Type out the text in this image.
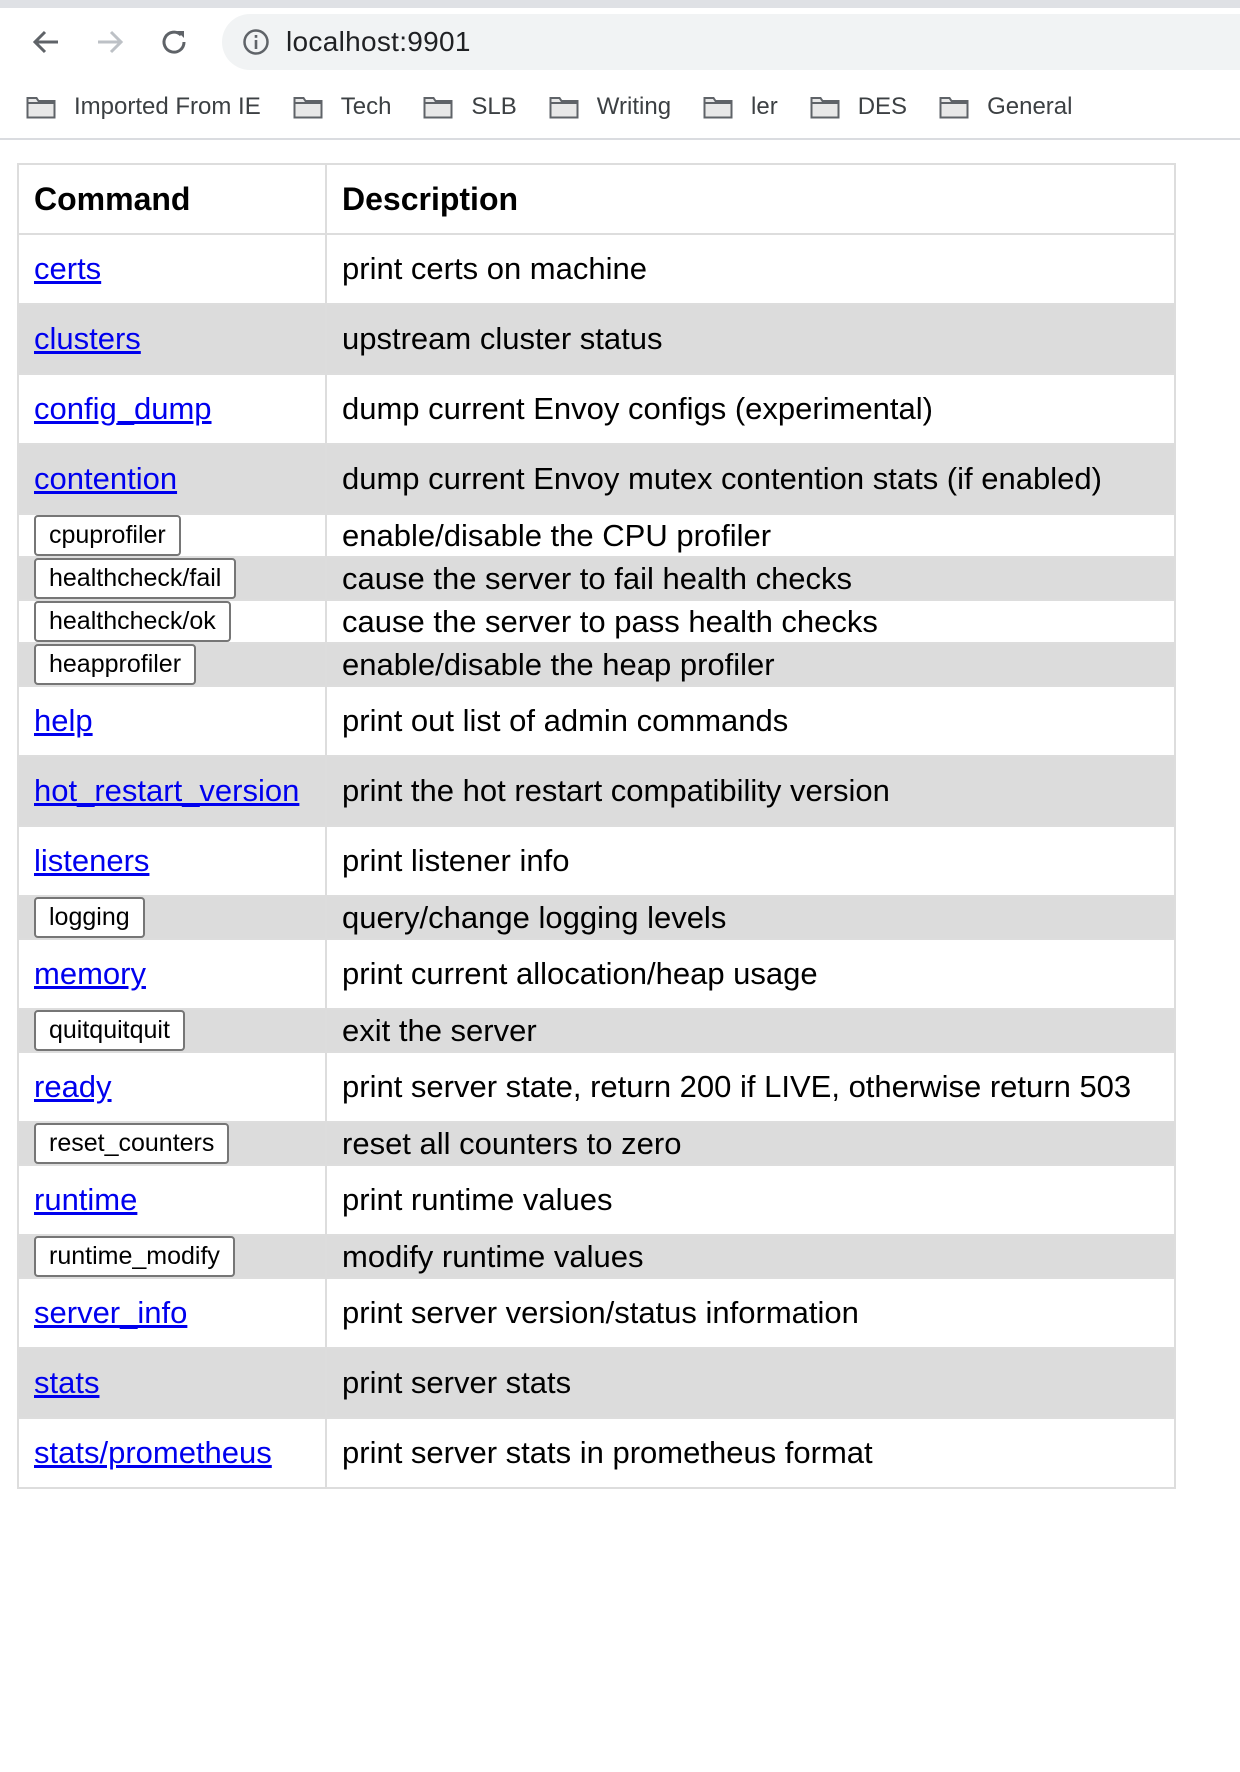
localhost:9901
Imported From IE	Tech	SLB	Writing	ler	DES	General
Command	Description
certs	print certs on machine
clusters	upstream cluster status
config_dump	dump current Envoy configs (experimental)
contention	dump current Envoy mutex contention stats (if enabled)
cpuprofiler	enable/disable the CPU profiler
healthcheck/fail	cause the server to fail health checks
healthcheck/ok	cause the server to pass health checks
heapprofiler	enable/disable the heap profiler
help	print out list of admin commands
hot_restart_version	print the hot restart compatibility version
listeners	print listener info
logging	query/change logging levels
memory	print current allocation/heap usage
quitquitquit	exit the server
ready	print server state, return 200 if LIVE, otherwise return 503
reset_counters	reset all counters to zero
runtime	print runtime values
runtime_modify	modify runtime values
server_info	print server version/status information
stats	print server stats
stats/prometheus	print server stats in prometheus format
